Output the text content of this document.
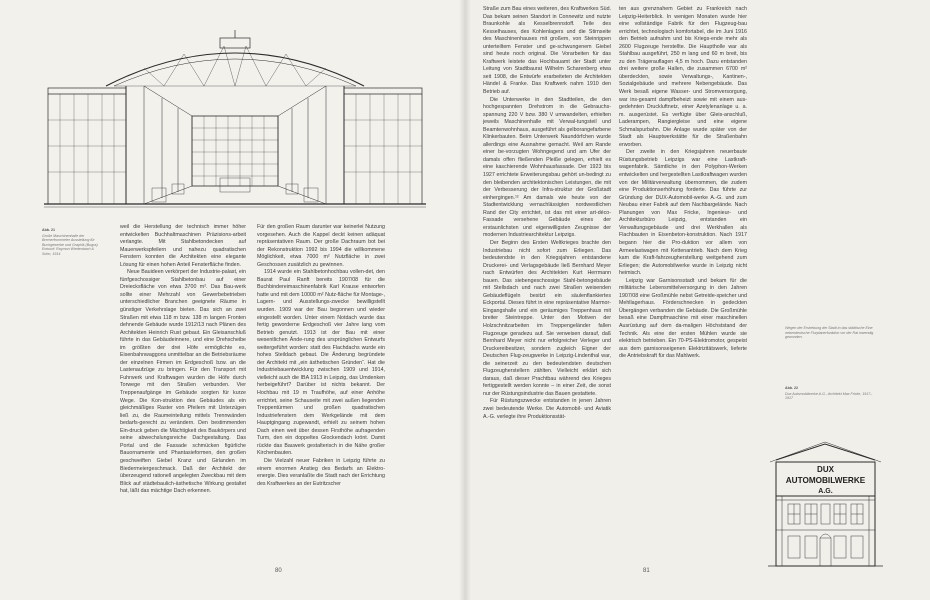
Abb. 21
Große Maschinenhalle der Bremerfrommeler Ausstellung für Buchgewerbe und Graphik (Bugra). Entwurf: Raymon Wiedenbach & Sohn, 1914

weil die Herstellung der technisch immer höher entwickelten Buchhaltmaschinen Präzisions-arbeit verlangte. Mit Stahlbetondecken auf Mauerwerkspfeilern und nahezu quadratischen Fenstern konnten die Architekten eine elegante Lösung für einen hohen Anteil Fensterfläche finden.

Neue Bauideen verkörpert der Industrie-palast, ein fünfgeschossiger Stahlbetonbau auf einer Dreiecksfläche von etwa 3700 m². Das Bau-werk sollte einer Mehrzahl von Gewerbebetrieben unterschiedlicher Branchen geeignete Räume in günstiger Verkehrslage bieten. Das sich an zwei Straßen mit etwa 118 m bzw. 138 m langen Fronten dehnende Gebäude wurde 1912/13 nach Plänen des Architekten Heinrich Rust gebaut. Ein Gleisanschluß führte in das Gebäudeinnere, und eine Drehscheibe im größten der drei Höfe ermöglichte es, Eisenbahnwaggons unmittelbar an die Betriebsräume der einzelnen Firmen im Erdgeschoß bzw. an die Lastenaufzüge zu bringen. Für den Transport mit Fuhrwerk und Kraftwagen wurden die Höfe durch Torwege mit den Straßen verbunden. Vier Treppenaufgänge im Gebäude sorgten für kurze Wege. Die Kon-struktion des Gebäudes als ein gleichmäßiges Raster von Pfeilern mit Unterzügen ließ zu, die Raumeinteilung mittels Trennwänden bedarfs-gerecht zu verändern. Den bestimmenden Ein-druck geben die Mächtigkeit des Baukörpers und seine abwechslungsreiche Dachgestaltung. Das Portal und die Fassade schmücken figürliche Bauornamente und Phantasieformen, den großen geschweiften Giebel Kranz und Girlanden im Biedermeiergeschmack. Daß der Architekt der überzeugend rationell angelegten Zweckbau mit dem Blick auf städtebaulich-ästhetische Wirkung gestaltet hat, läßt das mächtige Dach erkennen.

Für den großen Raum darunter war keinerlei Nutzung vorgesehen. Auch die Kappel deckt keinen adäquat repräsentativen Raum. Der große Dachraum bot bei der Rekonstruktion 1992 bis 1994 die willkommene Möglichkeit, etwa 7000 m² Nutzfläche in zwei Geschossen zusätzlich zu gewinnen.

1914 wurde ein Stahlbetonhochbau vollen-det, den Baurat Paul Ranft bereits 1907/08 für die Buchbindereimaschinenfabrik Karl Krause entworfen hatte und mit dem 10000 m² Nutz-fläche für Montage-, Lagern- und Ausstellungs-zwecke bewilligstellt wurden. 1909 war der Bau begonnen und wieder eingestellt worden. Unter einem Notdach wurde das fertig geworderne Erdgeschoß vier Jahre lang vom Betrieb genutzt. 1913 ist der Bau mit einer wesentlichen Ände-rung des ursprünglichen Entwurfs weitergeführt worden: statt des Flachdachs wurde ein hohes Steildach gebaut. Die Änderung begründete der Architekt mit „ein ästhetischen Gründen“. Hat die Industriebauentwicklung zwischen 1909 und 1914, vielleicht auch die IBA 1913 in Leipzig, das Umdenken herbeigeführt? Darüber ist nichts bekannt. Der Hochbau mit 19 m Traufhöhe, auf einer Anhöhe errichtet, seine Schauseite mit zwei außen liegenden Treppentürmen und großen quadratischen Industriefenstern dem Werkgelände mit dem Hauptgingang zugewandt, erhielt zu seinem hohen Dach einen weit über dessen Firsthöhe aufragenden Turm, den ein doppeltes Glockendach krönt. Damit rückte das Bauwerk gestalterisch in die Nähe großer Kirchenbauten.

Die Vielzahl neuer Fabriken in Leipzig führte zu einem enormen Anstieg des Bedarfs an Elektro-energie. Dies veranlaßte die Stadt nach der Errichtung des Kraftwerkes an der Eutritzscher

80

Straße zum Bau eines weiteren, des Kraftwerkes Süd. Das bekam seinen Standort in Connewitz und nutzte Braunkohle als Kesselbrennstoff. Teile des Kesselhauses, des Kohlenlagers und die Stirnseite des Maschinenhauses mit großem, von Steinrippen unterteiltem Fenster und ge-schwungenem Giebel sind heute noch original. Die Vorarbeiten für das Kraftwerk leistete das Hochbauamt der Stadt unter Leitung von Stadtbaurat Wilhelm Scharenberg etwa seit 1908, die Entwürfe erarbeiteten die Architekten Händel & Franke. Das Kraftwerk nahm 1910 den Betrieb auf.

Die Unterwerke in den Stadtteilen, die den hochgespannten Drehstrom in die Gebrauchs-spannung 220 V bzw. 380 V umwandelten, erhielten jeweils Maschinenhalle mit Verwal-tungsteil und Beamtenwohnhaus, ausgeführt als gelborangefarbene Klinkerbauten. Beim Unterwerk Naundörfchen wurde allerdings eine Ausnahme gemacht. Weil am Rande einer be-vorzugten Wohngegend und am Ufer der damals offen fließenden Pleiße gelegen, erhielt es eine kaschierende Wohnhausfassade. Der 1923 bis 1927 errichtete Erweiterungsbau gehört un-bedingt zu den bleibenden architektonischen Leistungen, die mit der Verbesserung der Infra-struktur der Großstadt einhergingen.¹² Am damals wie heute von der Stadtentwicklung vernachlässigten nordwestlichen Rand der City errichtet, ist das mit einer art-déco-Fassade versehene Gebäude eines der erstaunlichsten und eigenwilligsten Zeugnisse der modernen Industriearchitektur Leipzigs.

Der Beginn des Ersten Weltkrieges brachte den Industriebau nicht sofort zum Erliegen. Das bedeutendste in den Kriegsjahren entstandene Druckerei- und Verlagsgebäude ließ Bernhard Meyer nach Entwürfen des Architekten Kurt Herrmann bauen. Das siebengeschossige Stahl-betongebäude mit Stellsdach und nach zwei Straßen weisenden Gebäudeflügeln besitzt ein säulenflankiertes Eckportal. Dieses führt in eine repräsentative Marmor-Eingangshalle und ein geräumiges Treppenhaus mit breiter Steintreppe. Unter den Motiven der Holzschnitzarbeiten im Treppengeländer fallen Flugzeuge geradezu auf. Sie verweisen darauf, daß Bernhard Meyer nicht nur erfolgreicher Verleger und Druckereibesitzer, sondern zugleich Eigner der Deutschen Flug-zeugwerke in Leipzig-Lindenthal war, die seinerzeit zu den bedeutendsten deutschen Flugzeugherstellern zählten. Vielleicht erklärt sich daraus, daß dieser Prachtbau während des Krieges fertiggestellt werden konnte – in einer Zeit, die sonst nur der Rüstungsindustrie das Bauen gestattete.

Für Rüstungszwecke entstanden in jenen Jahren zwei bedeutende Werke. Die Automobil- und Aviatik A.-G. verlegte ihre Produktionsstät-

ten aus grenznahem Gebiet zu Frankreich nach Leipzig-Heiterblick. In wenigen Monaten wurde hier eine vollständige Fabrik für den Flugzeug-bau errichtet, technologisch komfortabel, die im Juni 1916 den Betrieb aufnahm und bis Kriegs-ende mehr als 2600 Flugzeuge herstellte. Die Hauptholle war als Stahlbau ausgeführt, 250 m lang und 60 m breit, bis zu den Trägerauflagen 4,5 m hoch. Dazu entstanden drei weitere große Hallen, die zusammen 6700 m² überdeckten, sowie Verwaltungs-, Kantinen-, Sozialgebäude und mehrere Nebengebäude. Das Werk besaß eigene Wasser- und Stromversorgung, war ins-gesamt dampfbeheizt sowie mit einem aus-gedehnten Druckluftnetz, einer Azetylenanlage u. a. m. ausgerüstet. Es verfügte über Gleis-anschluß, Laderampen, Rangiergleise und eine eigene Schmalspurbahn. Die Anlage wurde später von der Stadt als Hauptwerkstätte für die Straßenbahn erworben.

Der zweite in den Kriegsjahren neuerbaute Rüstungsbetrieb Leipzigs war eine Lastkraft-wagenfabrik. Sämtliche in den Polyphon-Werken entwickelten und hergestellten Lastkraftwagen wurden von der Militärverwaltung übernommen, die zudem eine Produktionserhöhung forderte. Das führte zur Gründung der DUX-Automobil-werke A.-G. und zum Neubau einer Fabrik auf dem Nachbargelände. Nach Planungen von Max Fricke, Ingenieur- und Architekturbüro Leipzig, entstanden ein Verwaltungsgebäude und drei Werkhallen als Flachbauten in Eisenbeton-konstruktion. Nach 1917 begann hier die Pro-duktion vor allem von Armeelastwagen mit Kettenantrieb. Nach dem Krieg kam die Kraft-fahrzeugherstellung weitgehend zum Erliegen; die Automobilwerke wurde in Leipzig nicht heimisch.

Leipzig war Garnisonsstadt und bekam für die militärische Lebensmittelversorgung in den Jahren 1907/08 eine Großmühle nebst Getreide-speicher und Mehllagerhaus. Förderschnecken in gedeckten Übergängen verbanden die Gebäude. Die Großmühle besaß eine Dampfmaschine mit einer maschinellen Ausrüstung auf dem da-maligen Höchststand der Technik. Als eine der ersten Mühlen wurde sie elektrisch betrieben. Ein 70-PS-Elektromotor, gespeist aus dem garnisonseigenen Elektrizitätswerk, lieferte die Antriebskraft für das Mahlwerk.

Wegen der Erstrebung der Stadt in das städtische Eine nebendeutsche Flurplanerfunktion vor der Rat inwendig gewonden.
Abb. 22
Dux Automobilwerke A.G., Architekt Max Fricke, 1917–1917
81
DUX
AUTOMOBILWERKE
A.G.
